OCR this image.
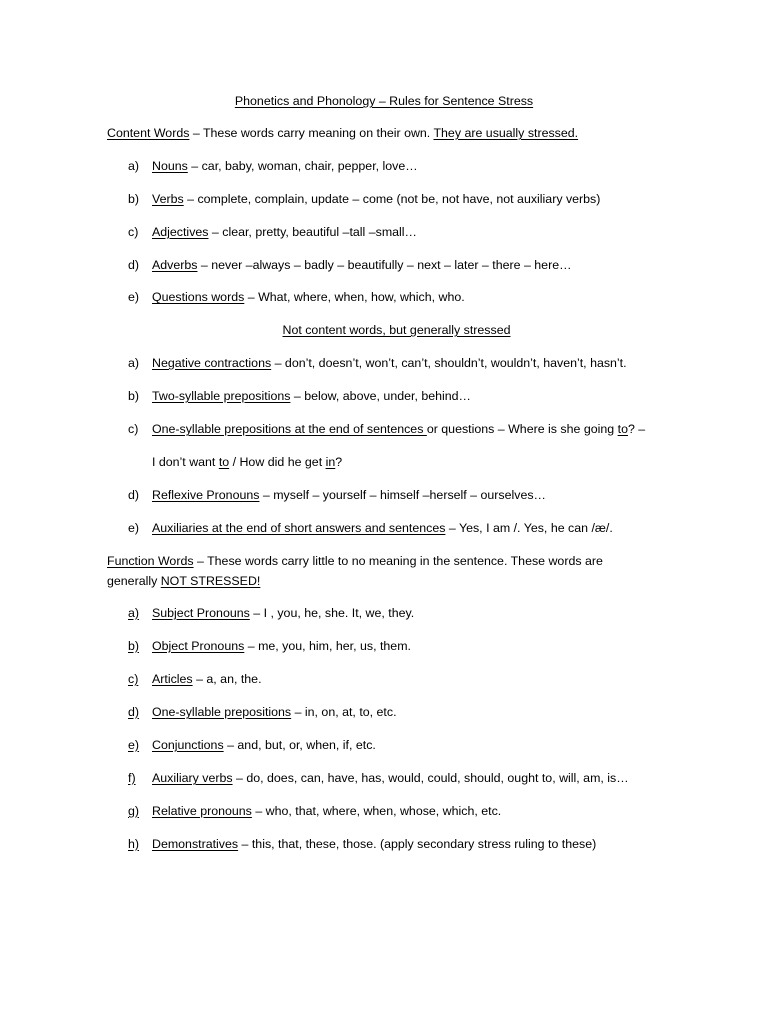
Phonetics and Phonology – Rules for Sentence Stress
Content Words – These words carry meaning on their own. They are usually stressed.
a) Nouns – car, baby, woman, chair, pepper, love…
b) Verbs – complete, complain, update – come (not be, not have, not auxiliary verbs)
c) Adjectives – clear, pretty, beautiful –tall –small…
d) Adverbs – never –always – badly – beautifully – next – later – there – here…
e) Questions words – What, where, when, how, which, who.
Not content words, but generally stressed
a) Negative contractions – don’t, doesn’t, won’t, can’t, shouldn’t, wouldn’t, haven’t, hasn’t.
b) Two-syllable prepositions – below, above, under, behind…
c) One-syllable prepositions at the end of sentences or questions – Where is she going to? –
I don’t want to / How did he get in?
d) Reflexive Pronouns – myself – yourself – himself –herself – ourselves…
e) Auxiliaries at the end of short answers and sentences – Yes, I am /. Yes, he can /æ/.
Function Words – These words carry little to no meaning in the sentence. These words are
generally NOT STRESSED!
a) Subject Pronouns – I , you, he, she. It, we, they.
b) Object Pronouns – me, you, him, her, us, them.
c) Articles – a, an, the.
d) One-syllable prepositions – in, on, at, to, etc.
e) Conjunctions – and, but, or, when, if, etc.
f) Auxiliary verbs – do, does, can, have, has, would, could, should, ought to, will, am, is…
g) Relative pronouns – who, that, where, when, whose, which, etc.
h) Demonstratives – this, that, these, those. (apply secondary stress ruling to these)
